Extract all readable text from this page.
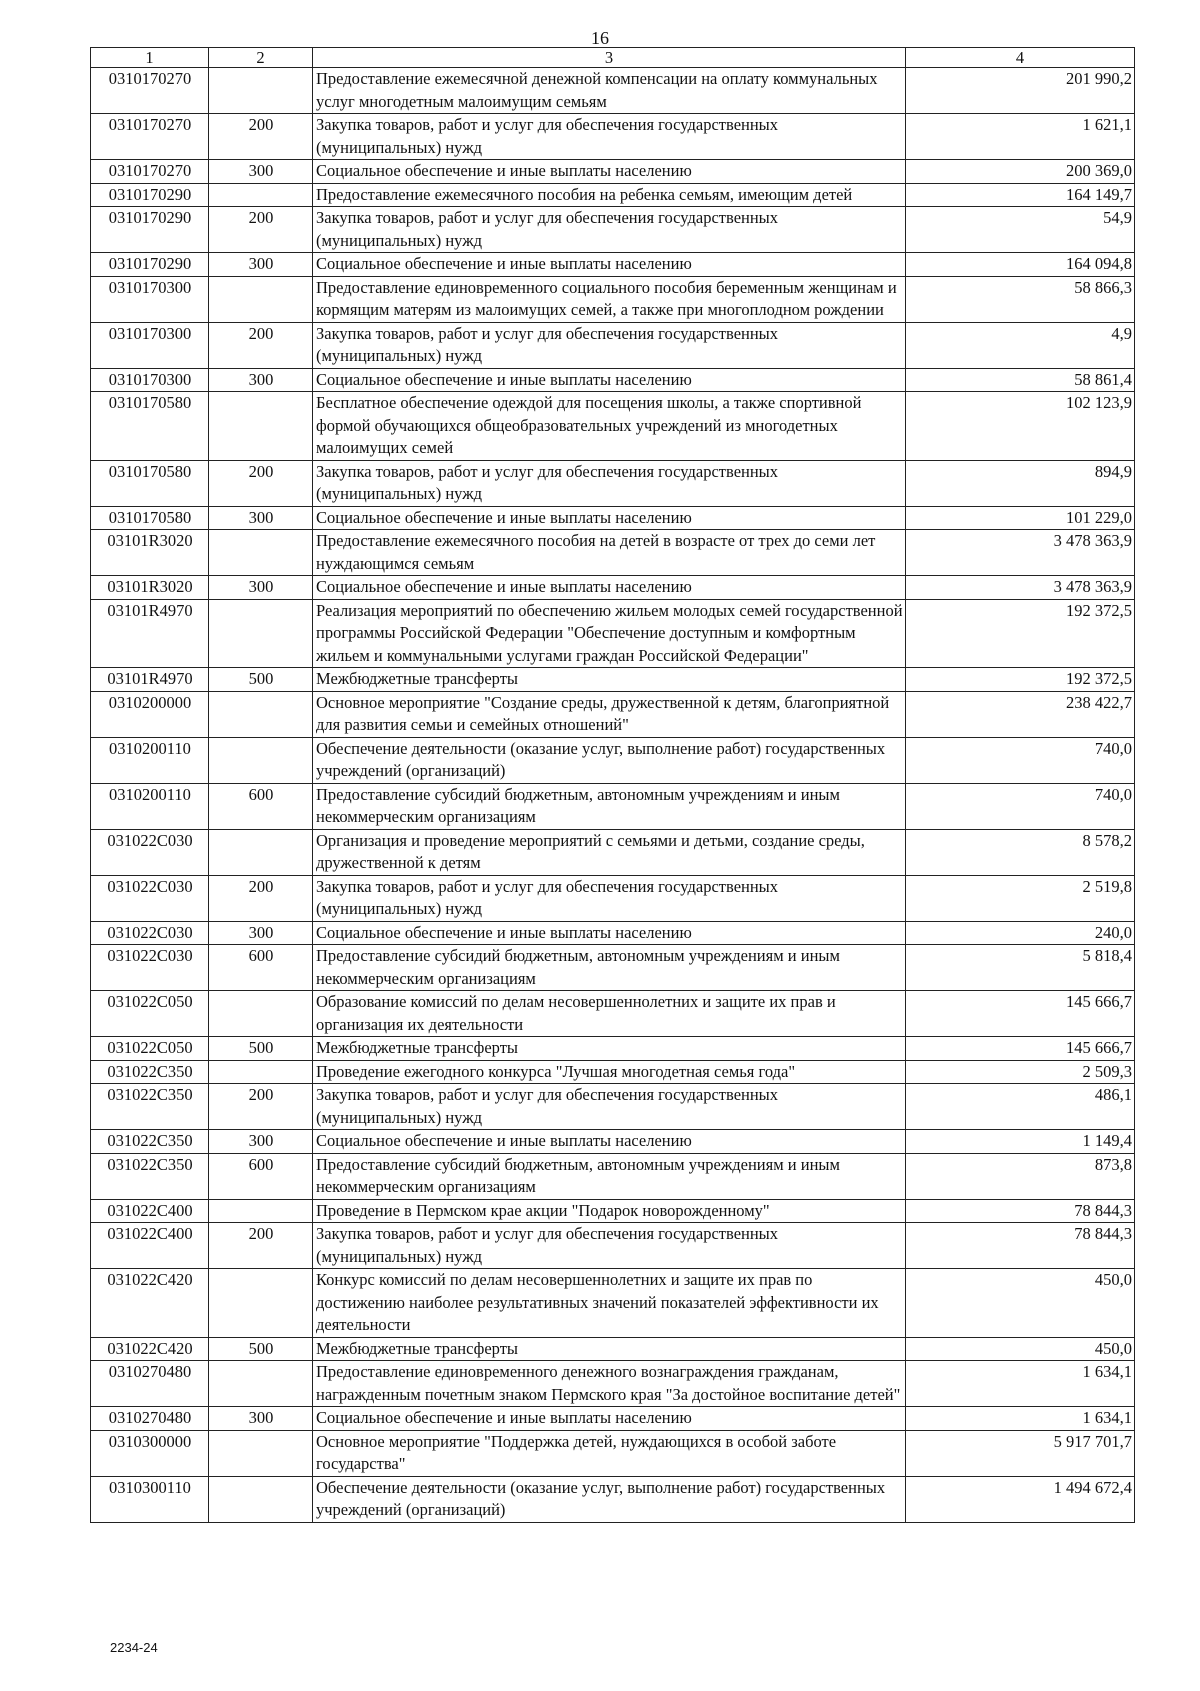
16
1	2	3	4
0310170270		Предоставление ежемесячной денежной компенсации на оплату коммунальных услуг многодетным малоимущим семьям	201 990,2
0310170270	200	Закупка товаров, работ и услуг для обеспечения государственных (муниципальных) нужд	1 621,1
0310170270	300	Социальное обеспечение и иные выплаты населению	200 369,0
0310170290		Предоставление ежемесячного пособия на ребенка семьям, имеющим детей	164 149,7
0310170290	200	Закупка товаров, работ и услуг для обеспечения государственных (муниципальных) нужд	54,9
0310170290	300	Социальное обеспечение и иные выплаты населению	164 094,8
0310170300		Предоставление единовременного социального пособия беременным женщинам и кормящим матерям из малоимущих семей, а также при многоплодном рождении	58 866,3
0310170300	200	Закупка товаров, работ и услуг для обеспечения государственных (муниципальных) нужд	4,9
0310170300	300	Социальное обеспечение и иные выплаты населению	58 861,4
0310170580		Бесплатное обеспечение одеждой для посещения школы, а также спортивной формой обучающихся общеобразовательных учреждений из многодетных малоимущих семей	102 123,9
0310170580	200	Закупка товаров, работ и услуг для обеспечения государственных (муниципальных) нужд	894,9
0310170580	300	Социальное обеспечение и иные выплаты населению	101 229,0
03101R3020		Предоставление ежемесячного пособия на детей в возрасте от трех до семи лет нуждающимся семьям	3 478 363,9
03101R3020	300	Социальное обеспечение и иные выплаты населению	3 478 363,9
03101R4970		Реализация мероприятий по обеспечению жильем молодых семей государственной программы Российской Федерации "Обеспечение доступным и комфортным жильем и коммунальными услугами граждан Российской Федерации"	192 372,5
03101R4970	500	Межбюджетные трансферты	192 372,5
0310200000		Основное мероприятие "Создание среды, дружественной к детям, благоприятной для развития семьи и семейных отношений"	238 422,7
0310200110		Обеспечение деятельности (оказание услуг, выполнение работ) государственных учреждений (организаций)	740,0
0310200110	600	Предоставление субсидий бюджетным, автономным учреждениям и иным некоммерческим организациям	740,0
031022С030		Организация и проведение мероприятий с семьями и детьми, создание среды, дружественной к детям	8 578,2
031022С030	200	Закупка товаров, работ и услуг для обеспечения государственных (муниципальных) нужд	2 519,8
031022С030	300	Социальное обеспечение и иные выплаты населению	240,0
031022С030	600	Предоставление субсидий бюджетным, автономным учреждениям и иным некоммерческим организациям	5 818,4
031022С050		Образование комиссий по делам несовершеннолетних и защите их прав и организация их деятельности	145 666,7
031022С050	500	Межбюджетные трансферты	145 666,7
031022С350		Проведение ежегодного конкурса "Лучшая многодетная семья года"	2 509,3
031022С350	200	Закупка товаров, работ и услуг для обеспечения государственных (муниципальных) нужд	486,1
031022С350	300	Социальное обеспечение и иные выплаты населению	1 149,4
031022С350	600	Предоставление субсидий бюджетным, автономным учреждениям и иным некоммерческим организациям	873,8
031022С400		Проведение в Пермском крае акции "Подарок новорожденному"	78 844,3
031022С400	200	Закупка товаров, работ и услуг для обеспечения государственных (муниципальных) нужд	78 844,3
031022С420		Конкурс комиссий по делам несовершеннолетних и защите их прав по достижению наиболее результативных значений показателей эффективности их деятельности	450,0
031022С420	500	Межбюджетные трансферты	450,0
0310270480		Предоставление единовременного денежного вознаграждения гражданам, награжденным почетным знаком Пермского края "За достойное воспитание детей"	1 634,1
0310270480	300	Социальное обеспечение и иные выплаты населению	1 634,1
0310300000		Основное мероприятие "Поддержка детей, нуждающихся в особой заботе государства"	5 917 701,7
0310300110		Обеспечение деятельности (оказание услуг, выполнение работ) государственных учреждений (организаций)	1 494 672,4
2234-24
